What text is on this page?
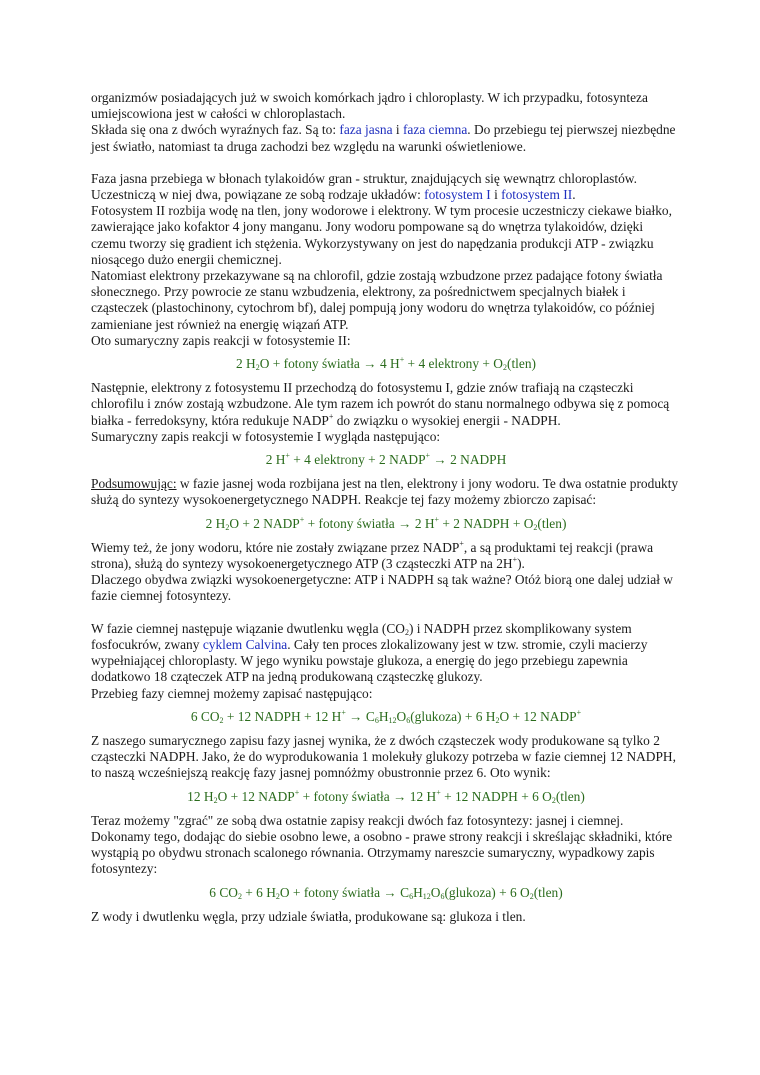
organizmów posiadających już w swoich komórkach jądro i chloroplasty. W ich przypadku, fotosynteza umiejscowiona jest w całości w chloroplastach.

Składa się ona z dwóch wyraźnych faz. Są to: faza jasna i faza ciemna. Do przebiegu tej pierwszej niezbędne jest światło, natomiast ta druga zachodzi bez względu na warunki oświetleniowe.

Faza jasna przebiega w błonach tylakoidów gran - struktur, znajdujących się wewnątrz chloroplastów. Uczestniczą w niej dwa, powiązane ze sobą rodzaje układów: fotosystem I i fotosystem II.

Fotosystem II rozbija wodę na tlen, jony wodorowe i elektrony. W tym procesie uczestniczy ciekawe białko, zawierające jako kofaktor 4 jony manganu. Jony wodoru pompowane są do wnętrza tylakoidów, dzięki czemu tworzy się gradient ich stężenia. Wykorzystywany on jest do napędzania produkcji ATP - związku niosącego dużo energii chemicznej.

Natomiast elektrony przekazywane są na chlorofil, gdzie zostają wzbudzone przez padające fotony światła słonecznego. Przy powrocie ze stanu wzbudzenia, elektrony, za pośrednictwem specjalnych białek i cząsteczek (plastochinony, cytochrom bf), dalej pompują jony wodoru do wnętrza tylakoidów, co później zamieniane jest również na energię wiązań ATP.

Oto sumaryczny zapis reakcji w fotosystemie II:

2 $H_2O$ + fotony światła → 4 H+ + 4 elektrony + $O_2(tlen)$

Następnie, elektrony z fotosystemu II przechodzą do fotosystemu I, gdzie znów trafiają na cząsteczki chlorofilu i znów zostają wzbudzone. Ale tym razem ich powrót do stanu normalnego odbywa się z pomocą białka - ferredoksyny, która redukuje NADP+ do związku o wysokiej energii - NADPH.

Sumaryczny zapis reakcji w fotosystemie I wygląda następująco:

2 H+ + 4 elektrony + 2 NADP+ → 2 NADPH

Podsumowując: w fazie jasnej woda rozbijana jest na tlen, elektrony i jony wodoru. Te dwa ostatnie produkty służą do syntezy wysokoenergetycznego NADPH. Reakcje tej fazy możemy zbiorczo zapisać:

2 $H_2O + 2$ NADP+ + fotony światła → 2 H+ + 2 NADPH + $O_2(tlen)$

Wiemy też, że jony wodoru, które nie zostały związane przez NADP+, a są produktami tej reakcji (prawa strona), służą do syntezy wysokoenergetycznego ATP (3 cząsteczki ATP na 2H+).

Dlaczego obydwa związki wysokoenergetyczne: ATP i NADPH są tak ważne? Otóż biorą one dalej udział w fazie ciemnej fotosyntezy.

W fazie ciemnej następuje wiązanie dwutlenku węgla $(CO_2)$ i NADPH przez skomplikowany system fosfocukrów, zwany cyklem Calvina. Cały ten proces zlokalizowany jest w tzw. stromie, czyli macierzy wypełniającej chloroplasty. W jego wyniku powstaje glukoza, a energię do jego przebiegu zapewnia dodatkowo 18 cząteczek ATP na jedną produkowaną cząsteczkę glukozy.

Przebieg fazy ciemnej możemy zapisać następująco:

6 $CO_2 + 12$ NADPH + 12 $H^+ \to C_6H_{12}O_6(glukoza) + 6$ $H_2O + 12$ NADP+

Z naszego sumarycznego zapisu fazy jasnej wynika, że z dwóch cząsteczek wody produkowane są tylko 2 cząsteczki NADPH. Jako, że do wyprodukowania 1 molekuły glukozy potrzeba w fazie ciemnej 12 NADPH, to naszą wcześniejszą reakcję fazy jasnej pomnóżmy obustronnie przez 6. Oto wynik:

12 $H_2O + 12$ NADP+ + fotony światła → 12 H+ + 12 NADPH + 6 $O_2(tlen)$

Teraz możemy "zgrać" ze sobą dwa ostatnie zapisy reakcji dwóch faz fotosyntezy: jasnej i ciemnej. Dokonamy tego, dodając do siebie osobno lewe, a osobno - prawe strony reakcji i skreślając składniki, które wystąpią po obydwu stronach scalonego równania. Otrzymamy nareszcie sumaryczny, wypadkowy zapis fotosyntezy:

6 $CO_2 + 6$ $H_2O$ + fotony światła → $C_6H_{12}O_6(glukoza) + 6$ $O_2(tlen)$

Z wody i dwutlenku węgla, przy udziale światła, produkowane są: glukoza i tlen.
